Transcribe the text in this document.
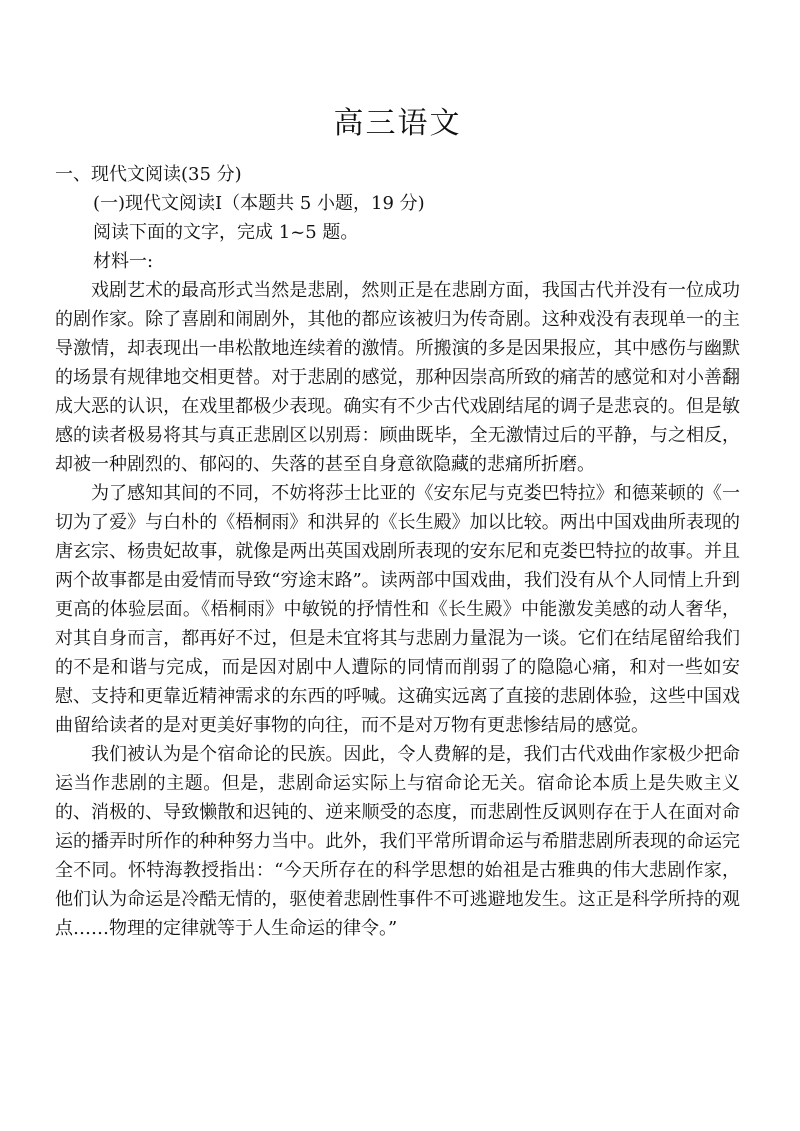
高三语文

一、现代文阅读(35 分)

(一)现代文阅读Ⅰ（本题共 5 小题，19 分)

阅读下面的文字，完成 1~5 题。

材料一:

戏剧艺术的最高形式当然是悲剧，然则正是在悲剧方面，我国古代并没有一位成功的剧作家。除了喜剧和闹剧外，其他的都应该被归为传奇剧。这种戏没有表现单一的主导激情，却表现出一串松散地连续着的激情。所搬演的多是因果报应，其中感伤与幽默的场景有规律地交相更替。对于悲剧的感觉，那种因崇高所致的痛苦的感觉和对小善翻成大恶的认识，在戏里都极少表现。确实有不少古代戏剧结尾的调子是悲哀的。但是敏感的读者极易将其与真正悲剧区以别焉：顾曲既毕，全无激情过后的平静，与之相反，却被一种剧烈的、郁闷的、失落的甚至自身意欲隐藏的悲痛所折磨。

为了感知其间的不同，不妨将莎士比亚的《安东尼与克娄巴特拉》和德莱顿的《一切为了爱》与白朴的《梧桐雨》和洪昇的《长生殿》加以比较。两出中国戏曲所表现的唐玄宗、杨贵妃故事，就像是两出英国戏剧所表现的安东尼和克娄巴特拉的故事。并且两个故事都是由爱情而导致“穷途末路”。读两部中国戏曲，我们没有从个人同情上升到更高的体验层面。《梧桐雨》中敏锐的抒情性和《长生殿》中能激发美感的动人奢华，对其自身而言，都再好不过，但是未宜将其与悲剧力量混为一谈。它们在结尾留给我们的不是和谐与完成，而是因对剧中人遭际的同情而削弱了的隐隐心痛，和对一些如安慰、支持和更靠近精神需求的东西的呼喊。这确实远离了直接的悲剧体验，这些中国戏曲留给读者的是对更美好事物的向往，而不是对万物有更悲惨结局的感觉。

我们被认为是个宿命论的民族。因此，令人费解的是，我们古代戏曲作家极少把命运当作悲剧的主题。但是，悲剧命运实际上与宿命论无关。宿命论本质上是失败主义的、消极的、导致懒散和迟钝的、逆来顺受的态度，而悲剧性反讽则存在于人在面对命运的播弄时所作的种种努力当中。此外，我们平常所谓命运与希腊悲剧所表现的命运完全不同。怀特海教授指出：“今天所存在的科学思想的始祖是古雅典的伟大悲剧作家，他们认为命运是冷酷无情的，驱使着悲剧性事件不可逃避地发生。这正是科学所持的观点……物理的定律就等于人生命运的律令。”
